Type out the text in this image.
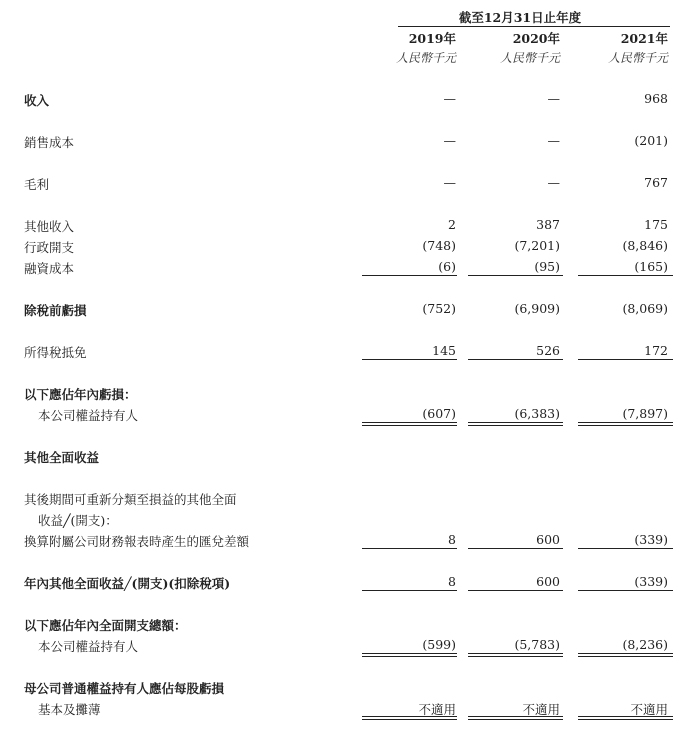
截至12月31日止年度
2019年	2020年	2021年
人民幣千元	人民幣千元	人民幣千元
收入	—	—	968
銷售成本	—	—	(201)
毛利	—	—	767
其他收入	2	387	175
行政開支	(748)	(7,201)	(8,846)
融資成本	(6)	(95)	(165)
除稅前虧損	(752)	(6,909)	(8,069)
所得稅抵免	145	526	172
以下應佔年內虧損：
本公司權益持有人	(607)	(6,383)	(7,897)
其他全面收益
其後期間可重新分類至損益的其他全面
收益╱(開支)：
換算附屬公司財務報表時產生的匯兌差額	8	600	(339)
年內其他全面收益╱(開支)(扣除稅項)	8	600	(339)
以下應佔年內全面開支總額：
本公司權益持有人	(599)	(5,783)	(8,236)
母公司普通權益持有人應佔每股虧損
基本及攤薄	不適用	不適用	不適用
